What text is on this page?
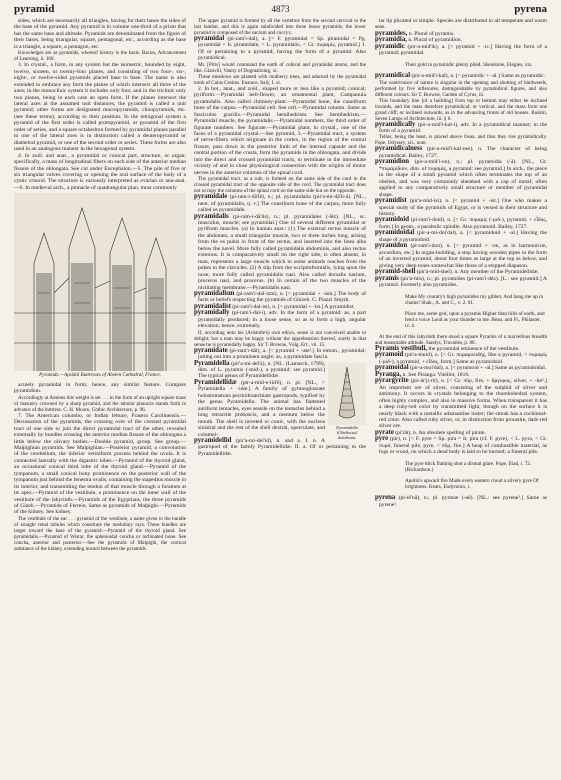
pyramid	4873	pyrena

sides, which are necessarily all triangles, having for their bases the sides of the base of the pyramid. Any pyramid is in volume one-third of a prism that has the same base and altitude. Pyramids are denominated from the figure of their bases, being triangular, square, pentagonal, etc., according as the base is a triangle, a square, a pentagon, etc.

Knowledges are as pyramids, whereof history is the basis. Bacon, Advancement of Learning, ii. 169.

3. In crystal., a form, in any system but the isometric, bounded by eight, twelve, sixteen, or twenty-four planes, and consisting of two four-, six-, eight-, or twelve-sided pyramids placed base to base. The name is also extended to embrace any form the planes of which intersect all three of the axes; in the monoclinic system it includes only four, and in the triclinic only two planes, being in each case an open form. If the planes intersect the lateral axes at the assumed unit distances, the pyramid is called a unit pyramid; other forms are designated macropyramids, clinopyramids, etc. (see these terms), according to their position. In the tetragonal system a pyramid of the first order is called protopyramid, or pyramid of the first order of series, and a square octahedron formed by pyramidal planes parallel to one of the lateral axes is in distinction called a deuteropyramid or diametral pyramid, or one of the second order or series. These forms are also used in an analogous manner in the hexagonal system.

4. In zoöl. and anat., a pyramidal or conical part, structure, or organ; specifically, a mass of longitudinal fibers on each side of the anterior median fissure of the oblongata. See cut under Encephalon.—5. The pile of five or six triangular valves covering or opening the oral surface of the body of a cystic crinoid. The structure is variously interpreted as ovarian or ano-anal.—6. In medieval arch., a pinnacle of quadrangular plan, most commonly

Pyramids.—Apsidal Buttresses of Abelen Cathedral, France.

acutely pyramidal in form; hence, any similar feature. Compare pyramidion.

Accordingly at Amiens this weight is set . . . in the form of an upright square mass of masonry crowned by a sharp pyramid, and the tabular pinnacle stands forth in advance of the buttress. C. H. Moore, Gothic Architecture, p. 96.

7. The American columbo, or Indian lettuce, Frasera Carolinensis.—Decussation of the pyramids, the crossing over of the crossed pyramidal tract of one side to join the direct pyramidal tract of the other, revealed externally by bundles crossing the anterior median fissure of the oblongata a little below the olivary bodies.—Double pyramid, group. See group.—Malpighian pyramids. See Malpighian.—Posterior pyramid, a convolution of the cerebellum, the inferior vermiform process behind the uvula. It is connected laterally with the digastric lobes.—Pyramid of the thyroid gland, an occasional conical third lobe of the thyroid gland.—Pyramid of the tympanum, a small conical bony prominence on the posterior wall of the tympanum just behind the fenestra ovalis, containing the stapedius muscle in its interior, and transmitting the tendon of that muscle through a foramen at its apex.—Pyramid of the vestibule, a prominence on the inner wall of the vestibule of the labyrinth.—Pyramids of the Egyptians, the three pyramids of Gizeh.—Pyramids of Ferrein. Same as pyramids of Malpighi.—Pyramids of the kidney. See kidney.

The vestibule of the ear . . . pyramid of the vestibule, a name given to the bundle of straight renal tubules which constitute the medullary rays. These bundles are larger toward the base of the pyramid.—Pyramid of the thyroid gland. See pyramidalis.—Pyramid of Wistar, the sphenoidal concha or turbinated bone. See concha, anterior and posterior.—See the pyramids of Malpighi, the cortical substance of the kidney, extending inward between the pyramids.

The upper pyramid is formed by all the vertebræ from the second cervical to the last lumbar, and this is again subdivided into three lesser pyramids; the lower pyramid is composed of the sacrum and coccyx.

pyramidal (pi-ram'i-dal), a. [= F. pyramidal = Sp. piramidal = Pg. pyramidal = It. piramidale, < L. pyramidalis, < Gr. πυραμίς, pyramid.] 1. Of or pertaining to a pyramid; having the form of a pyramid. Also pyramidical.

Mr. [Pitts] would command the earth of cubical and pyramidal atoms, and the like. Glanvill, Vanity of Dogmatizing, xi.

These meadows are planted with mulberry trees, and adorned by the pyramidal tomb of Caius Cestius. Eustace, Italy, I. xi.

2. In bot., anat., and zoöl., shaped more or less like a pyramid; conical; pyriform.—Pyramidal bell-flower, an ornamental plant, Campanula pyramidalis. Also called chimney-plant.—Pyramidal bone, the cuneiform bone of the carpus.—Pyramidal cell. See cell.—Pyramidal column. Same as fasciculus gracilis.—Pyramidal hemihedrism. See hemihedrism.—Pyramidal muscle, the pyramidalis.—Pyramidal numbers, the third order of figurate numbers. See figurate.—Pyramidal plant, in crystal., one of the faces of a pyramidal crystal.—See pyramid, 3.—Pyramidal tract, a system of nerve-fibers which originate in the cortex, in the region of the central fissure, pass down in the posterior limb of the internal capsule and the central portion of the crusta, form the pyramids in the oblongata, and divide into the direct and crossed pyramidal tracts, to terminate in the immediate vicinity of and in close physiological connection with the origins of motor nerves in the anterior columns of the spinal cord.

The pyramidal tract, as a rule, is formed on the same side of the cord in the crossed pyramidal tract of the opposite side of the cord. The pyramidal tract does not occupy the columns of the spinal cord on the same side but on the opposite.

pyramidale (pi-ram-i-dā'lē), n.; pl. pyramidalia (pir'a-mi-dā'li-ā). [NL., neut. of pyramidalis, q. v.] The cuneiform bone of the carpus, more fully called os pyramidale.

pyramidalis (pi-ram-i-dā'lis), n.; pl. pyramidales (-lēz). [NL., sc. musculus, muscle; see pyramidal.] One of several different pyramidal or pyriform muscles. (a) In human anat.: (1) The external rectus muscle of the abdomen, a small triangular muscle, two or three inches long, arising from the os pubis in front of the rectus, and inserted into the linea alba below the navel. More fully called pyramidalis abdominis, and also rectus externus. It is comparatively small on the right side, is often absent, in man, represents a large muscle which in some animals reaches from the pubes to the clavicles. (2) A slip from the occipitofrontalis, lying upon the nose; more fully called pyramidalis nasi. Also called dorsalis narium, procerus nasi, and procerus. (b) In certain of the two muscles of the nictitating membrane.—Pyramidalis nasi.

pyramidalism (pi-ram'i-dal-izm), n. [< pyramidal + -ism.] The body of facts or beliefs respecting the pyramids of Ghizeh. C. Piazzi Smyth.

pyramidalist (pi-ram'i-dal-ist), n. [< pyramidal + -ist.] A pyramidist.

pyramidally (pi-ram'i-dal-i), adv. In the form of a pyramid: as, a part pyramidally produced; in a loose sense, so as to form a high, angular elevation; hence, extremely.

If, according unto his (Aristotle's) own ethics, sense is not conceived unable to delight; but a man may be happy without the apprehension thereof, surely in that sense he is pyramidally happy. Sir T. Browne, Vulg. Err., vii. 15.

pyramidate (pi-ram'i-dāt), a. [< pyramid + -ate¹.] In entom., pyramidal; jutting out into a prominent angle; as, a pyramidate fascia.

Pyramidella (Obeliscus) dolabrata.

Pyramidella (pir'a-mi-del'ā), n. [NL. (Lamarck, 1799), dim. of L. pyramis (-mid-), a pyramid: see pyramid.] The typical genus of Pyramidellidæ.

Pyramidellidæ (pir-a-mid-e-lid'ē), n. pl. [NL., < Pyramidella + -idæ.] A family of gymnoglossate holostomatous pectinibranchiate gastropods, typified by the genus Pyramidella. The animal has flattened auriform tentacles, eyes sessile on the tentacles behind a long retractile proboscis, and a mentum below the mouth. The shell is turreted or conic, with the nucleus sinistral and the rest of the shell dextral, operculate, and columel-

pyramidellid (pir'a-mi-del'id), n. and a. I. n. A gastropod of the family Pyramidellidæ. II. a. Of or pertaining to the Pyramidellidæ.

lar lip plicated or simple. Species are distributed in all temperate and warm seas.

pyramides, n. Plural of pyramis.

pyramidia, n. Plural of pyramidion.

pyramidic (pir-a-mid'ik), a. [< pyramid + -ic.] Having the form of a pyramid; pyramidal.

Their gold in pyramidic plenty piled. Shenstone, Elegies, xix.

pyramidical (pir-a-mid'i-kal), a. [< pyramidic + -al.] Same as pyramidic.

The contrivance of nature is singular in the opening and shutting of bindweeds, performed by five inflexures, distinguishable by pyramidical figures, and also different colours. Sir T. Browne, Garden of Cyrus, iii.

This boundary line [of a building] from top to bottom may either be inclined inwards, and the mass therefore pyramidical; or vertical, and the mass form one grand cliff; or inclined outwards, as in the advancing fronts of old houses. Ruskin, Seven Lamps of Architecture, iii. § 6.

pyramidically (pir-a-mid'i-kal-i), adv. In a pyramidical manner; in the form of a pyramid.

Tellus, being the least, is placed above Oeaa, and thus they rise pyramidically. Pope, Odyssey, xii., note.

pyramidicalness (pir-a-mid'i-kal-nes), n. The character of being pyramidical. Bailey, 1727.

pyramidion (pir-a-mid'i-on), n.; pl. pyramidia (-ā). [NL., Gr. *πυραμίδιον, dim. of πυραμίς, a pyramid: see pyramid.] In arch., the piece in the shape of a small pyramid which often terminates the top of an obelisk, and was very commonly sheathed with a cap of metal; often applied to any comparatively small structure or member of pyramidal shape.

pyramidist (pir'a-mid-ist), n. [< pyramid + -ist.] One who makes a special study of the pyramids of Egypt, or is versed in their structure and history.

pyramidoid (pi-ram'i-doid), n. [< Gr. πυραμίς (-μιδ-), pyramid, + εἶδος, form.] In geom., a parabolic spindle. Also pyramoid. Bailey, 1727.

pyramidoidal (pir-a-mi-doi'dal), a. [< pyramidoid + -al.] Having the shape of a pyramidoid.

pyramidon (pi-ram'i-don), n. [< pyramid + -on, as in harmonicon, accordion, etc.] In organ-building, a stop having wooden pipes in the form of an inverted pyramid, about four times as large at the top as below, and giving very deep tones somewhat like those of a stopped diapason.

pyramid-shell (pir'a-mid-shel), n. Any member of the Pyramidellidæ.

pyramis (pir'a-mis), n.; pl. pyramides (pi-ram'i-dēz). [L.: see pyramid.] A pyramid. Formerly also pyramides.

Make My country's high pyramides my gibbet, And hang me up in chains! Shak., A. and C., v. 2. 61.

Place me, some god, upon a pyramis Higher than hills of earth, and lend a voice Loud as your thunder to me. Beau. and Fl., Philaster, iv. 4.

At the end of this labyrinth there stood a square Pyramis of a marvellous breadth and measurable altitude. Sandys, Travailes, p. 88.

Pyramis vestibuli, the pyramidal eminence of the vestibule.

pyramoid (pir'a-moid), n. [< Gr. πυραμοειδής, like a pyramid, < πυραμίς (-μιδ-), a pyramid, + εἶδος, form.] Same as pyramidoid.

pyramoidal (pir-a-moi'dal), a. [< pyramoid + -al.] Same as pyramidoidal.

Pyranga, n. See Piranga. Vieillot, 1816.

pyrargyrite (pir-är'ji-rit), n. [< Gr. πῦρ, fire, + ἄργυρος, silver, + -ite².] An important ore of silver, consisting of the sulphid of silver and antimony. It occurs in crystals belonging to the rhombohedral system, often highly complex, and also in massive forms. When transparent it has a deep ruby-red color by transmitted light, though on the surface it is nearly black with a metallic adamantine luster; the streak has a cochineal-red color. Also called ruby silver, or, in distinction from proustite, dark-red silver ore.

pyrate (pi'rāt), n. An obsolete spelling of pirate.

pyre (pir), n. [< F. pyre = Sp. pira = It. pira (cf. F. pyre), < L. pyra, < Gr. πυρά, funeral pile, pyre, < πῦρ, fire.] A heap of combustible material, as logs or wood, on which a dead body is laid to be burned; a funeral pile.

The pyre thick flaming shot a dismal glare. Pope, Iliad, i. 72. (Richardson.)

Apollo's upward fire Made every eastern cloud a silvery pyre Of brightness. Keats, Endymion, i.

pyrena (pi-rē'nä), n.; pl. pyrenæ (-nē). [NL.: see pyrene².] Same as pyrene².
